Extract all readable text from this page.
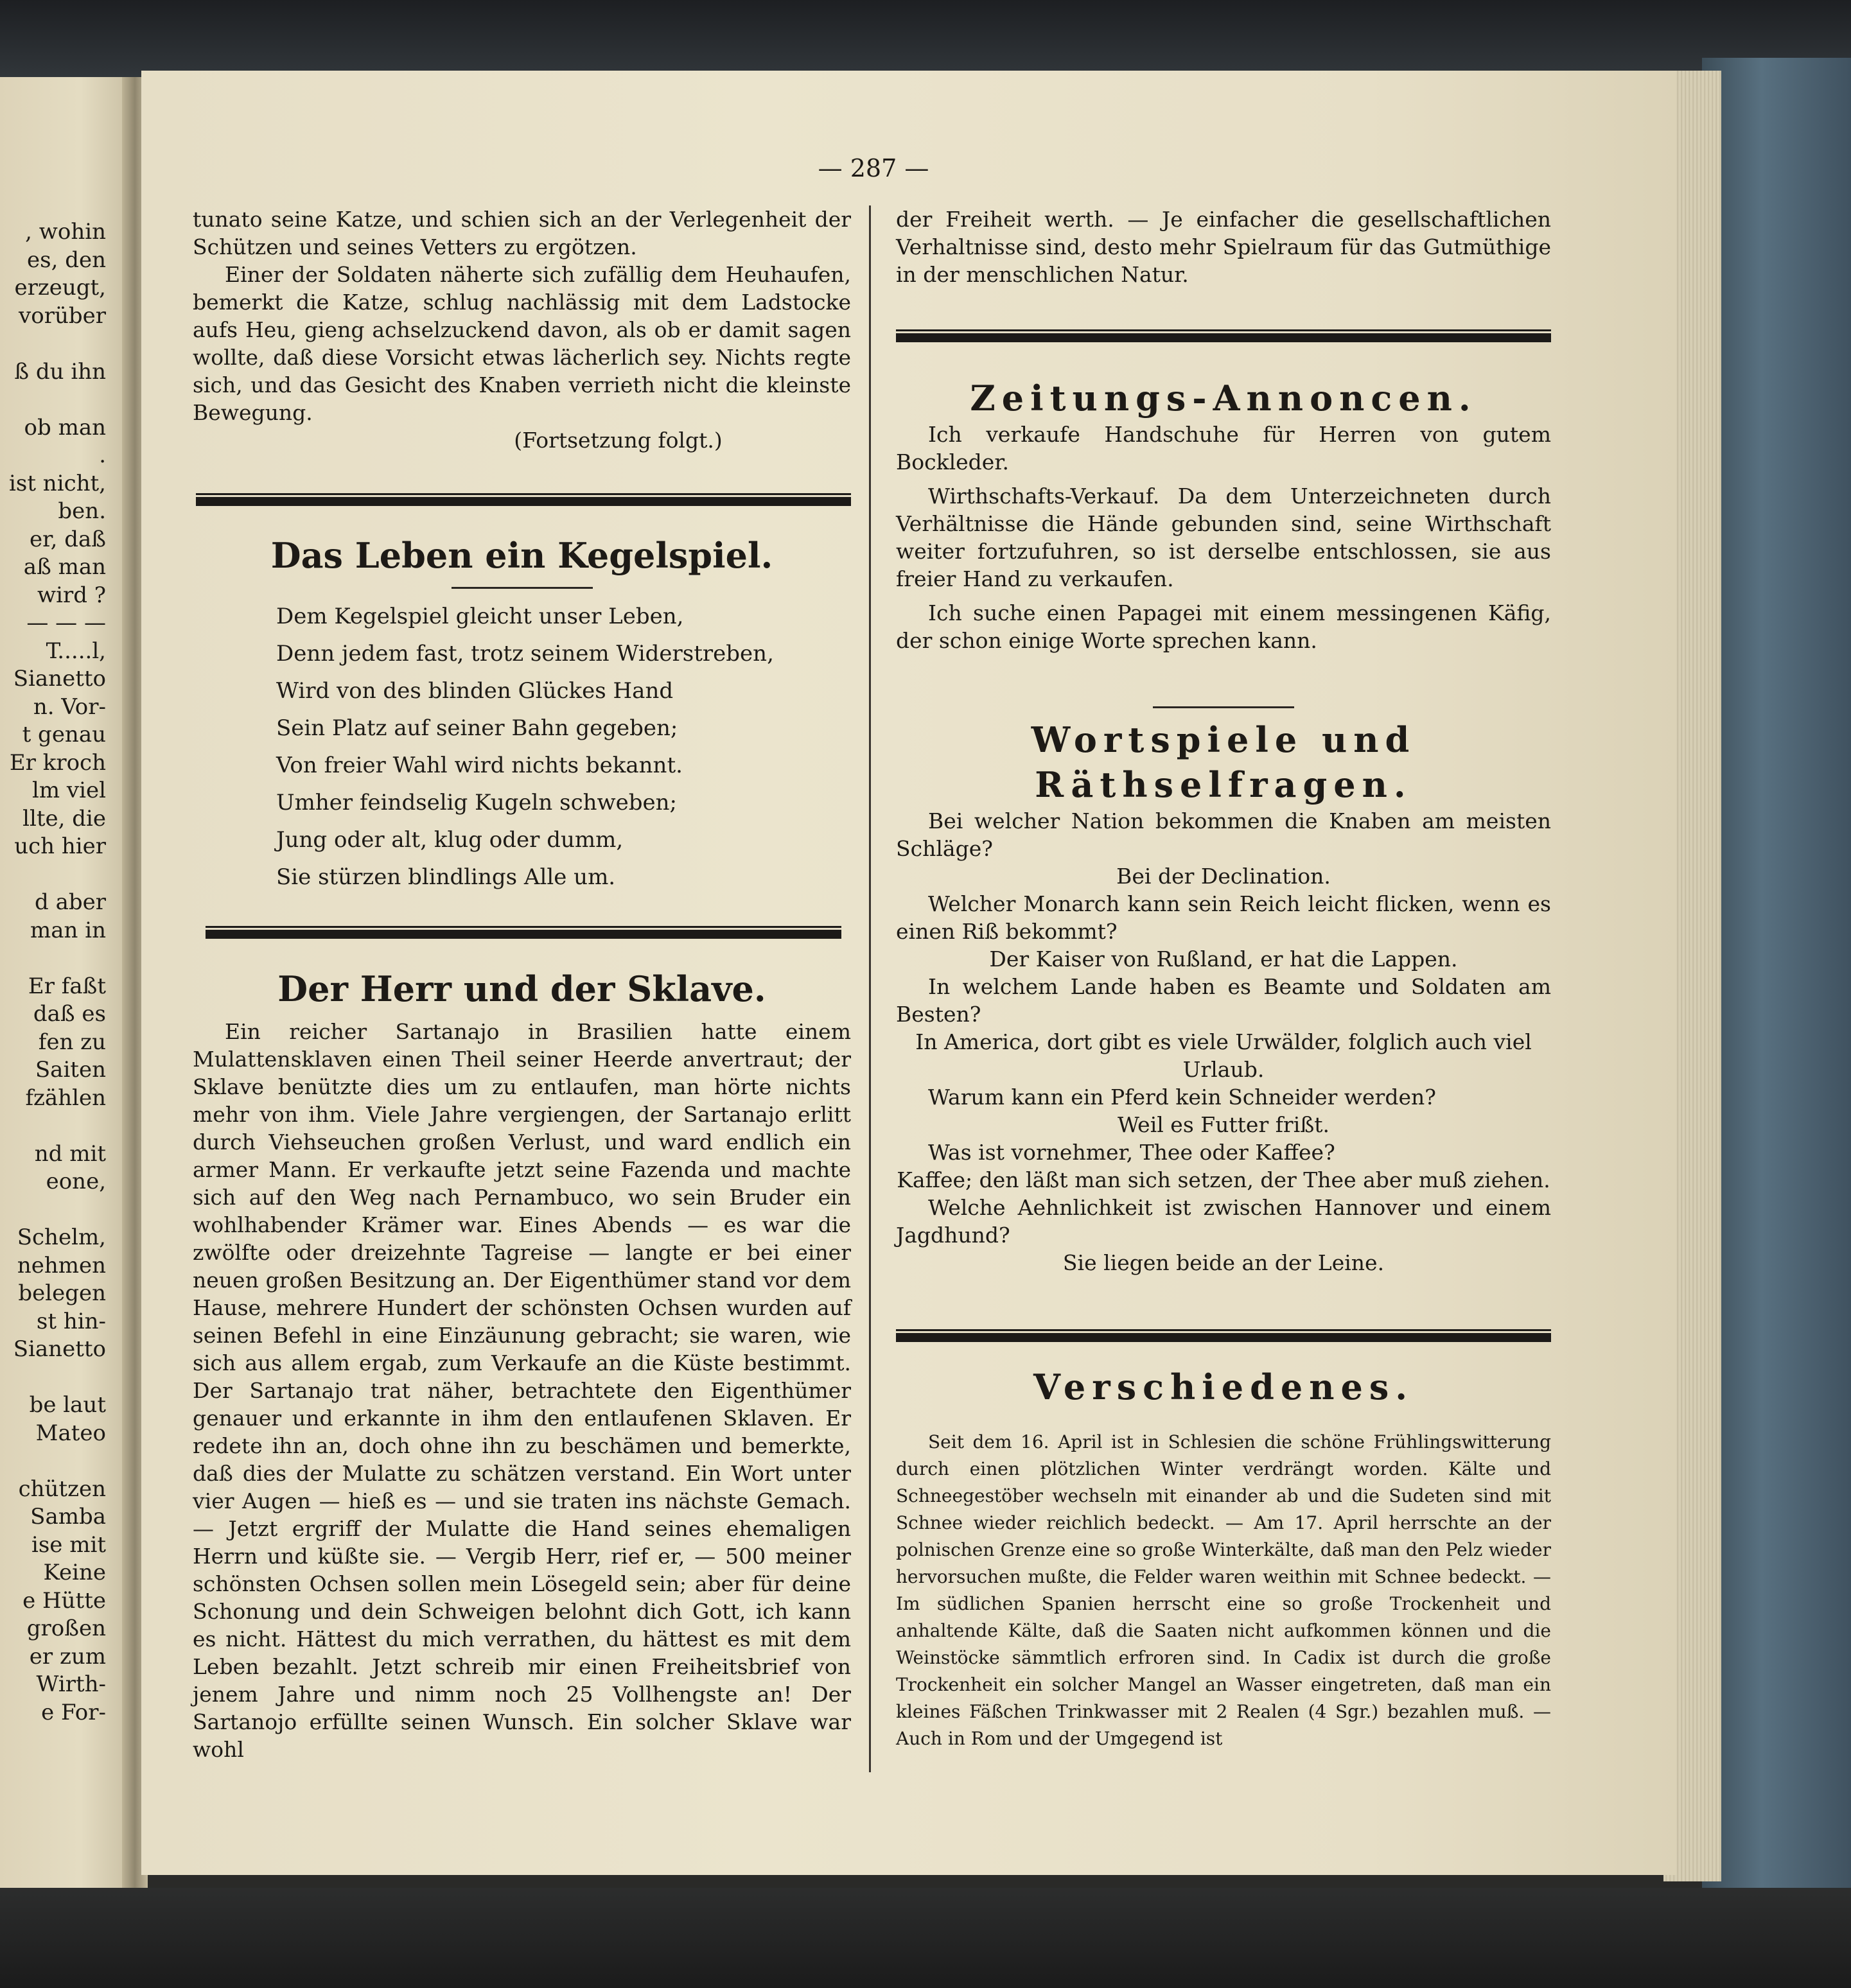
, wohin
es, den
erzeugt,
vorüber
ß du ihn
ob man
.
ist nicht,
ben.
er, daß
aß man
wird ?
— — —
T.....l,
Sianetto
n. Vor-
t genau
Er kroch
lm viel
llte, die
uch hier
d aber
man in
Er faßt
daß es
fen zu
Saiten
fzählen
nd mit
eone,
Schelm,
nehmen
belegen
st hin-
Sianetto
be laut
Mateo
chützen
Samba
ise mit
Keine
e Hütte
großen
er zum
Wirth-
e For-
— 287 —

tunato seine Katze, und schien sich an der Verlegenheit der Schützen und seines Vetters zu ergötzen.

Einer der Soldaten näherte sich zufällig dem Heuhaufen, bemerkt die Katze, schlug nachlässig mit dem Ladstocke aufs Heu, gieng achselzuckend davon, als ob er damit sagen wollte, daß diese Vorsicht etwas lächerlich sey. Nichts regte sich, und das Gesicht des Knaben verrieth nicht die kleinste Bewegung.

(Fortsetzung folgt.)

Das Leben ein Kegelspiel.

Dem Kegelspiel gleicht unser Leben,

Denn jedem fast, trotz seinem Widerstreben,

Wird von des blinden Glückes Hand

Sein Platz auf seiner Bahn gegeben;

Von freier Wahl wird nichts bekannt.

Umher feindselig Kugeln schweben;

Jung oder alt, klug oder dumm,

Sie stürzen blindlings Alle um.

Der Herr und der Sklave.

Ein reicher Sartanajo in Brasilien hatte einem Mulattensklaven einen Theil seiner Heerde anvertraut; der Sklave benützte dies um zu entlaufen, man hörte nichts mehr von ihm. Viele Jahre vergiengen, der Sartanajo erlitt durch Viehseuchen großen Verlust, und ward endlich ein armer Mann. Er verkaufte jetzt seine Fazenda und machte sich auf den Weg nach Pernambuco, wo sein Bruder ein wohlhabender Krämer war. Eines Abends — es war die zwölfte oder dreizehnte Tagreise — langte er bei einer neuen großen Besitzung an. Der Eigenthümer stand vor dem Hause, mehrere Hundert der schönsten Ochsen wurden auf seinen Befehl in eine Einzäunung gebracht; sie waren, wie sich aus allem ergab, zum Verkaufe an die Küste bestimmt. Der Sartanajo trat näher, betrachtete den Eigenthümer genauer und erkannte in ihm den entlaufenen Sklaven. Er redete ihn an, doch ohne ihn zu beschämen und bemerkte, daß dies der Mulatte zu schätzen verstand. Ein Wort unter vier Augen — hieß es — und sie traten ins nächste Gemach. — Jetzt ergriff der Mulatte die Hand seines ehemaligen Herrn und küßte sie. — Vergib Herr, rief er, — 500 meiner schönsten Ochsen sollen mein Lösegeld sein; aber für deine Schonung und dein Schweigen belohnt dich Gott, ich kann es nicht. Hättest du mich verrathen, du hättest es mit dem Leben bezahlt. Jetzt schreib mir einen Freiheitsbrief von jenem Jahre und nimm noch 25 Vollhengste an! Der Sartanojo erfüllte seinen Wunsch. Ein solcher Sklave war wohl

der Freiheit werth. — Je einfacher die gesellschaftlichen Verhaltnisse sind, desto mehr Spielraum für das Gutmüthige in der menschlichen Natur.

Zeitungs-Annoncen.

Ich verkaufe Handschuhe für Herren von gutem Bockleder.

Wirthschafts-Verkauf. Da dem Unterzeichneten durch Verhältnisse die Hände gebunden sind, seine Wirthschaft weiter fortzufuhren, so ist derselbe entschlossen, sie aus freier Hand zu verkaufen.

Ich suche einen Papagei mit einem messingenen Käfig, der schon einige Worte sprechen kann.

Wortspiele und Räthselfragen.

Bei welcher Nation bekommen die Knaben am meisten Schläge?

Bei der Declination.

Welcher Monarch kann sein Reich leicht flicken, wenn es einen Riß bekommt?

Der Kaiser von Rußland, er hat die Lappen.

In welchem Lande haben es Beamte und Soldaten am Besten?

In America, dort gibt es viele Urwälder, folglich auch viel Urlaub.

Warum kann ein Pferd kein Schneider werden?

Weil es Futter frißt.

Was ist vornehmer, Thee oder Kaffee?

Kaffee; den läßt man sich setzen, der Thee aber muß ziehen.

Welche Aehnlichkeit ist zwischen Hannover und einem Jagdhund?

Sie liegen beide an der Leine.

Verschiedenes.

Seit dem 16. April ist in Schlesien die schöne Frühlingswitterung durch einen plötzlichen Winter verdrängt worden. Kälte und Schneegestöber wechseln mit einander ab und die Sudeten sind mit Schnee wieder reichlich bedeckt. — Am 17. April herrschte an der polnischen Grenze eine so große Winterkälte, daß man den Pelz wieder hervorsuchen mußte, die Felder waren weithin mit Schnee bedeckt. — Im südlichen Spanien herrscht eine so große Trockenheit und anhaltende Kälte, daß die Saaten nicht aufkommen können und die Weinstöcke sämmtlich erfroren sind. In Cadix ist durch die große Trockenheit ein solcher Mangel an Wasser eingetreten, daß man ein kleines Fäßchen Trinkwasser mit 2 Realen (4 Sgr.) bezahlen muß. — Auch in Rom und der Umgegend ist
